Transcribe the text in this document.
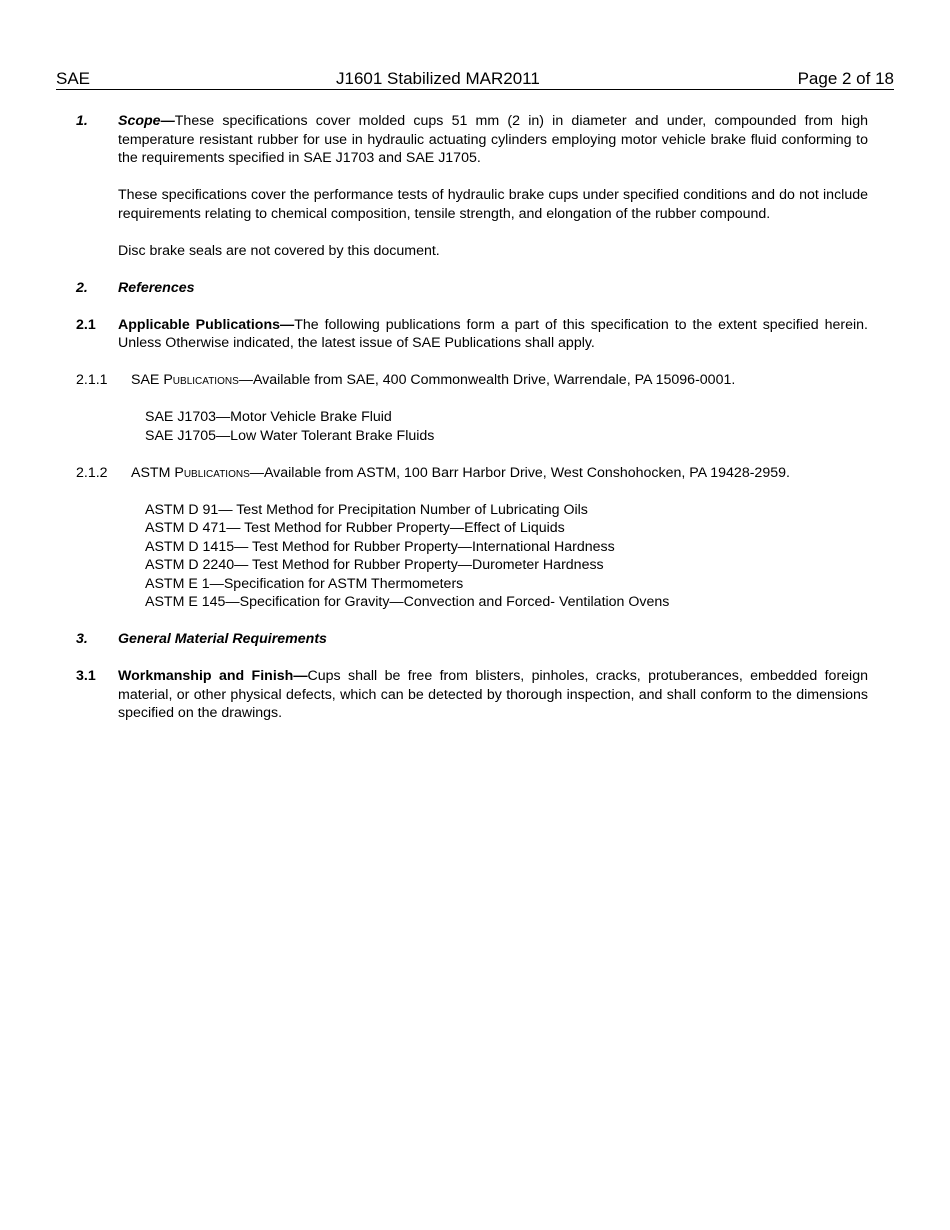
SAE	J1601 Stabilized MAR2011	Page 2 of 18
1. Scope—These specifications cover molded cups 51 mm (2 in) in diameter and under, compounded from high temperature resistant rubber for use in hydraulic actuating cylinders employing motor vehicle brake fluid conforming to the requirements specified in SAE J1703 and SAE J1705.

These specifications cover the performance tests of hydraulic brake cups under specified conditions and do not include requirements relating to chemical composition, tensile strength, and elongation of the rubber compound.

Disc brake seals are not covered by this document.

2. References

2.1 Applicable Publications—The following publications form a part of this specification to the extent specified herein. Unless Otherwise indicated, the latest issue of SAE Publications shall apply.

2.1.1 SAE Publications—Available from SAE, 400 Commonwealth Drive, Warrendale, PA 15096-0001.

SAE J1703—Motor Vehicle Brake Fluid
SAE J1705—Low Water Tolerant Brake Fluids
2.1.2 ASTM Publications—Available from ASTM, 100 Barr Harbor Drive, West Conshohocken, PA 19428-2959.

ASTM D 91— Test Method for Precipitation Number of Lubricating Oils
ASTM D 471— Test Method for Rubber Property—Effect of Liquids
ASTM D 1415— Test Method for Rubber Property—International Hardness
ASTM D 2240— Test Method for Rubber Property—Durometer Hardness
ASTM E 1—Specification for ASTM Thermometers
ASTM E 145—Specification for Gravity—Convection and Forced- Ventilation Ovens
3. General Material Requirements

3.1 Workmanship and Finish—Cups shall be free from blisters, pinholes, cracks, protuberances, embedded foreign material, or other physical defects, which can be detected by thorough inspection, and shall conform to the dimensions specified on the drawings.
